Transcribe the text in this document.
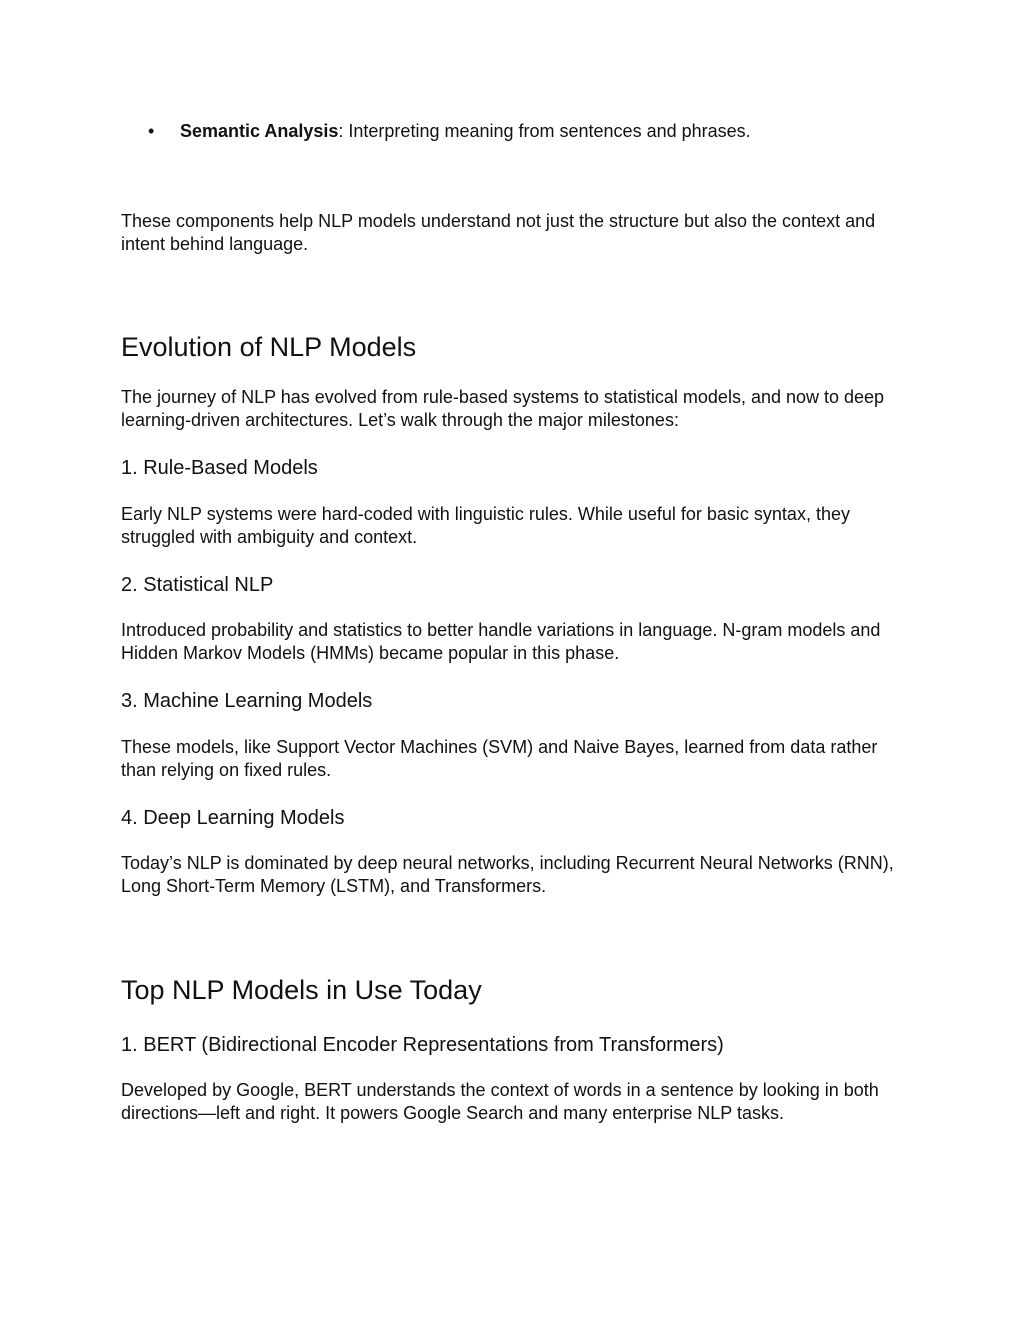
• Semantic Analysis: Interpreting meaning from sentences and phrases.

These components help NLP models understand not just the structure but also the context and intent behind language.

Evolution of NLP Models

The journey of NLP has evolved from rule-based systems to statistical models, and now to deep learning-driven architectures. Let’s walk through the major milestones:

1. Rule-Based Models

Early NLP systems were hard-coded with linguistic rules. While useful for basic syntax, they struggled with ambiguity and context.

2. Statistical NLP

Introduced probability and statistics to better handle variations in language. N-gram models and Hidden Markov Models (HMMs) became popular in this phase.

3. Machine Learning Models

These models, like Support Vector Machines (SVM) and Naive Bayes, learned from data rather than relying on fixed rules.

4. Deep Learning Models

Today’s NLP is dominated by deep neural networks, including Recurrent Neural Networks (RNN), Long Short-Term Memory (LSTM), and Transformers.

Top NLP Models in Use Today
1. BERT (Bidirectional Encoder Representations from Transformers)

Developed by Google, BERT understands the context of words in a sentence by looking in both directions—left and right. It powers Google Search and many enterprise NLP tasks.
